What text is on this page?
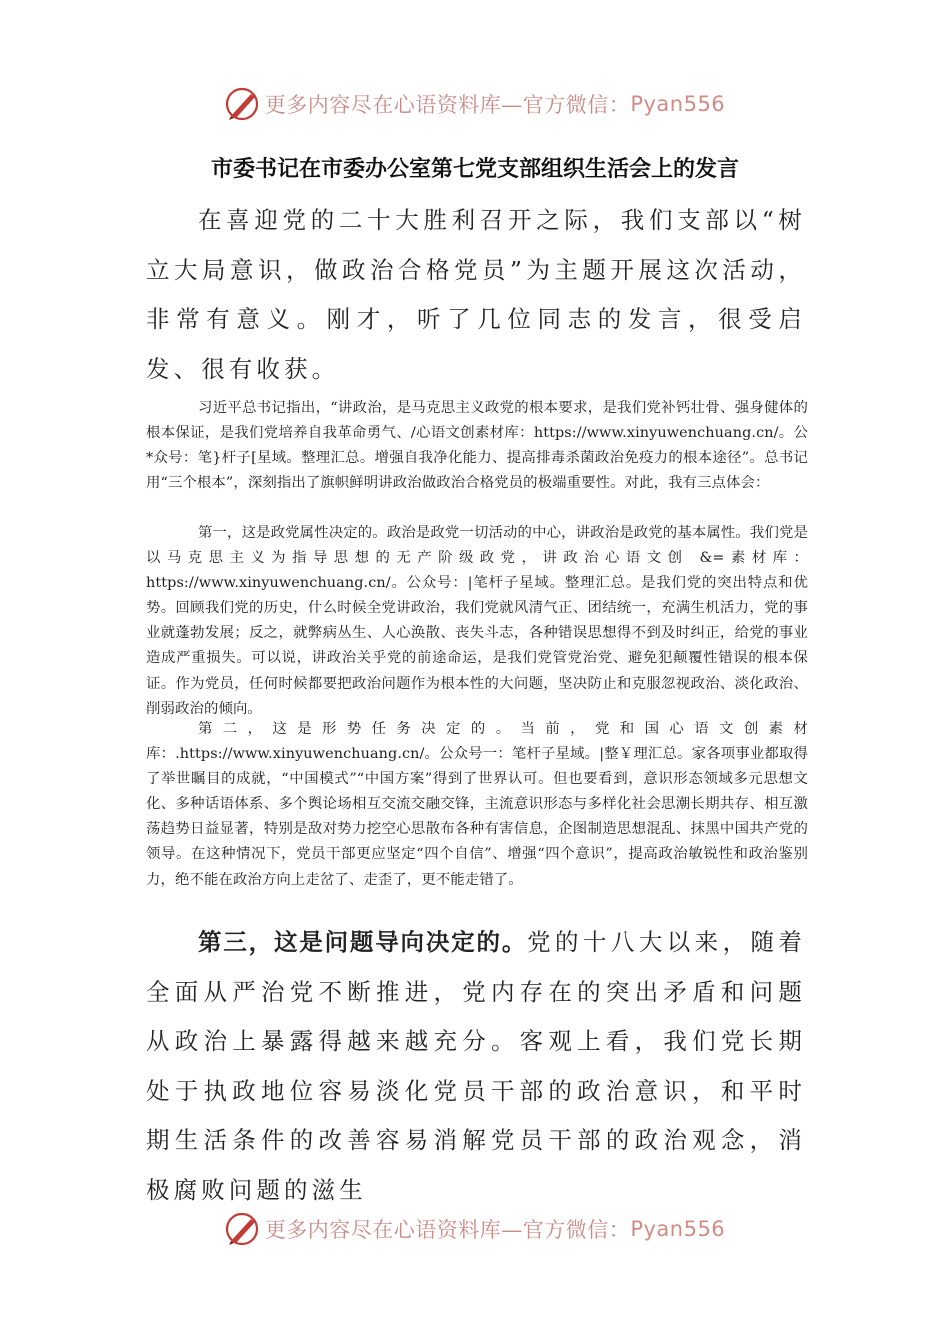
更多内容尽在心语资料库—官方微信： Pyan556
市委书记在市委办公室第七党支部组织生活会上的发言

在喜迎党的二十大胜利召开之际，我们支部以“树立大局意识，做政治合格党员”为主题开展这次活动，非常有意义。刚才，听了几位同志的发言，很受启发、很有收获。

习近平总书记指出，“讲政治，是马克思主义政党的根本要求，是我们党补钙壮骨、强身健体的根本保证，是我们党培养自我革命勇气、/心语文创素材库：https://www.xinyuwenchuang.cn/。公*众号：笔}杆子[星域。整理汇总。增强自我净化能力、提高排毒杀菌政治免疫力的根本途径”。总书记用“三个根本”，深刻指出了旗帜鲜明讲政治做政治合格党员的极端重要性。对此，我有三点体会：

第一，这是政党属性决定的。政治是政党一切活动的中心，讲政治是政党的基本属性。我们党是以马克思主义为指导思想的无产阶级政党，讲政治心语文创 &=素材库：https://www.xinyuwenchuang.cn/。公众号：|笔杆子星域。整理汇总。是我们党的突出特点和优势。回顾我们党的历史，什么时候全党讲政治，我们党就风清气正、团结统一，充满生机活力，党的事业就蓬勃发展；反之，就弊病丛生、人心涣散、丧失斗志，各种错误思想得不到及时纠正，给党的事业造成严重损失。可以说，讲政治关乎党的前途命运，是我们党管党治党、避免犯颠覆性错误的根本保证。作为党员，任何时候都要把政治问题作为根本性的大问题，坚决防止和克服忽视政治、淡化政治、削弱政治的倾向。

第二，这是形势任务决定的。当前，党和国心语文创素材库：.https://www.xinyuwenchuang.cn/。公众号一：笔杆子星域。|整￥理汇总。家各项事业都取得了举世瞩目的成就，“中国模式”“中国方案”得到了世界认可。但也要看到，意识形态领域多元思想文化、多种话语体系、多个舆论场相互交流交融交锋，主流意识形态与多样化社会思潮长期共存、相互激荡趋势日益显著，特别是敌对势力挖空心思散布各种有害信息，企图制造思想混乱、抹黑中国共产党的领导。在这种情况下，党员干部更应坚定“四个自信”、增强“四个意识”，提高政治敏锐性和政治鉴别力，绝不能在政治方向上走岔了、走歪了，更不能走错了。

第三，这是问题导向决定的。党的十八大以来，随着全面从严治党不断推进，党内存在的突出矛盾和问题从政治上暴露得越来越充分。客观上看，我们党长期处于执政地位容易淡化党员干部的政治意识，和平时期生活条件的改善容易消解党员干部的政治观念，消极腐败问题的滋生

更多内容尽在心语资料库—官方微信： Pyan556
